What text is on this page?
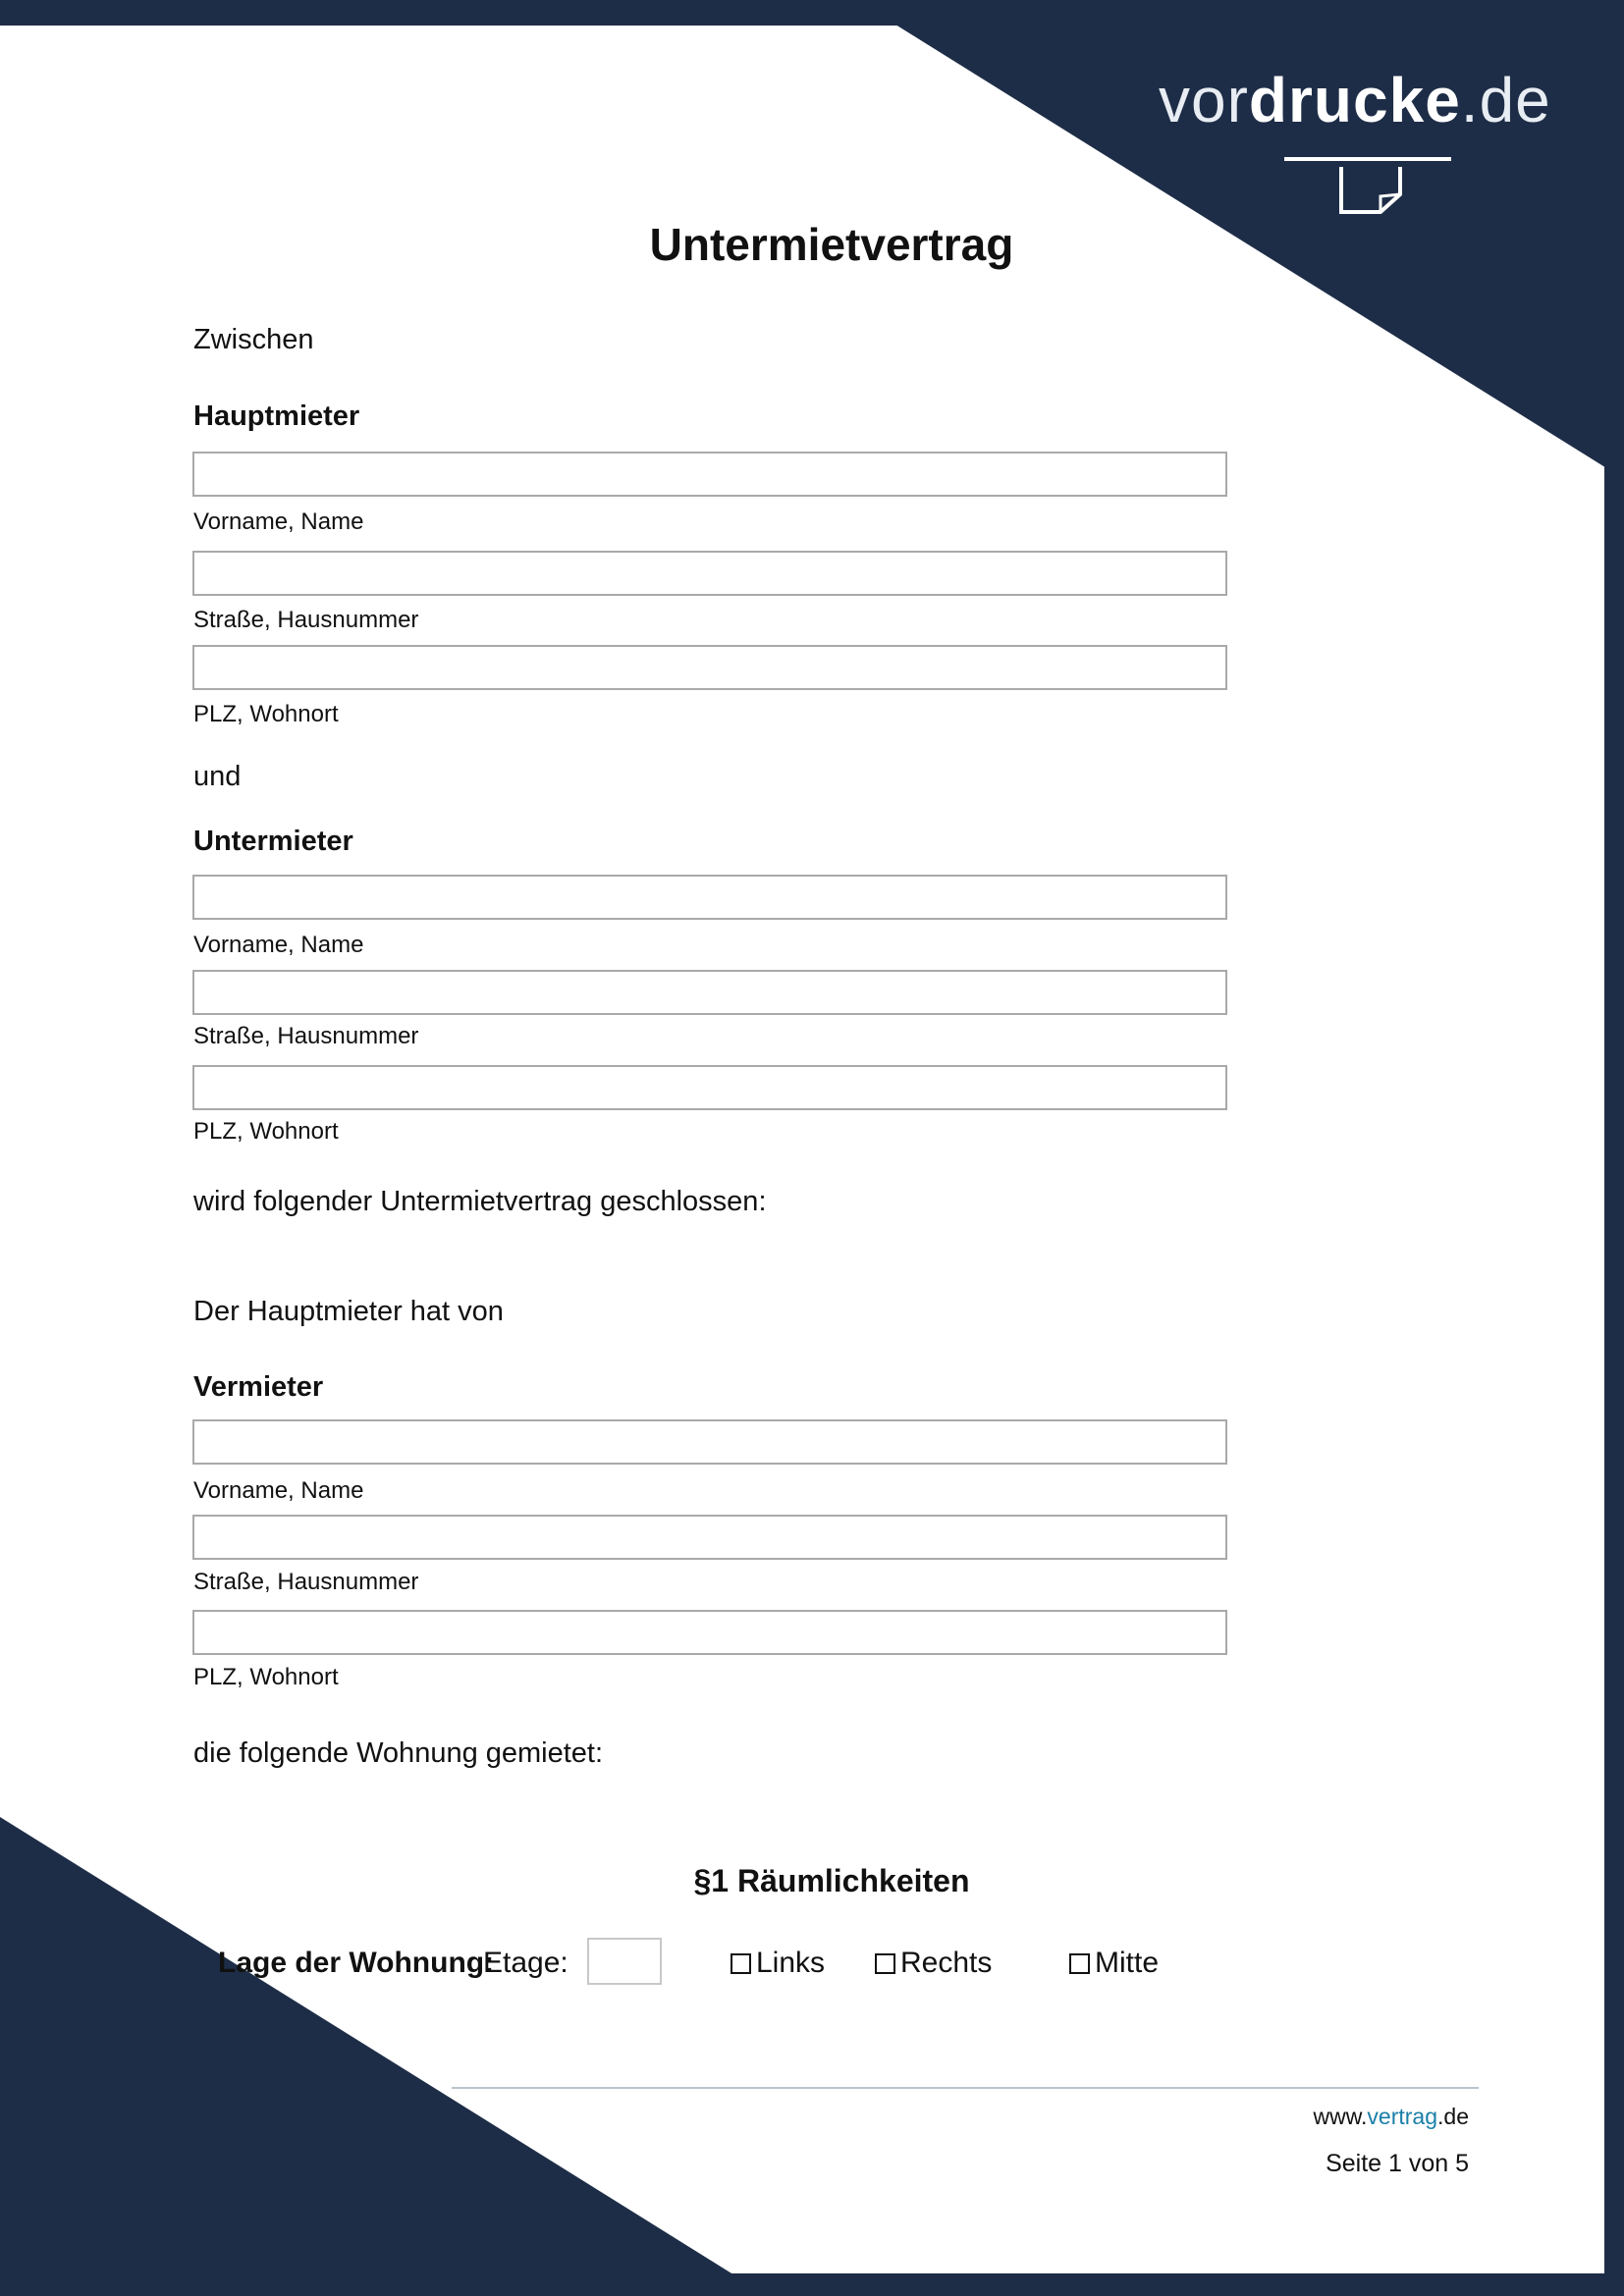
vordrucke.de
Untermietvertrag
Zwischen
Hauptmieter
Vorname, Name
Straße, Hausnummer
PLZ, Wohnort
und
Untermieter
Vorname, Name
Straße, Hausnummer
PLZ, Wohnort
wird folgender Untermietvertrag geschlossen:
Der Hauptmieter hat von
Vermieter
Vorname, Name
Straße, Hausnummer
PLZ, Wohnort
die folgende Wohnung gemietet:
§1 Räumlichkeiten
Lage der Wohnung:
Etage:	Links	Rechts	Mitte
www.vertrag.de
Seite 1 von 5
